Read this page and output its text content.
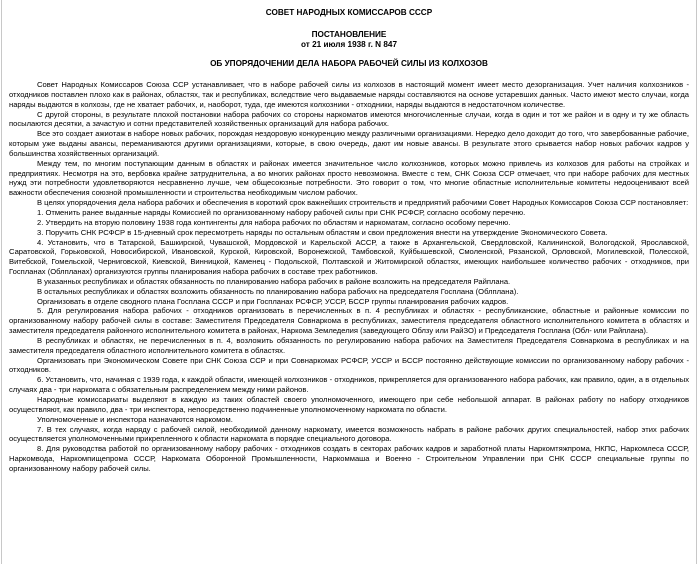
СОВЕТ НАРОДНЫХ КОМИССАРОВ СССР
ПОСТАНОВЛЕНИЕ
от 21 июля 1938 г. N 847
ОБ УПОРЯДОЧЕНИИ ДЕЛА НАБОРА РАБОЧЕЙ СИЛЫ ИЗ КОЛХОЗОВ

Совет Народных Комиссаров Союза ССР устанавливает, что в наборе рабочей силы из колхозов в настоящий момент имеет место дезорганизация. Учет наличия колхозников - отходников поставлен плохо как в районах, областях, так и республиках, вследствие чего выдаваемые наряды составляются на основе устаревших данных. Часто имеют место случаи, когда наряды выдаются в колхозы, где не хватает рабочих, и, наоборот, туда, где имеются колхозники - отходники, наряды выдаются в недостаточном количестве.

С другой стороны, в результате плохой постановки набора рабочих со стороны наркоматов имеются многочисленные случаи, когда в один и тот же район и в одну и ту же область посылаются десятки, а зачастую и сотни представителей хозяйственных организаций для набора рабочих.

Все это создает ажиотаж в наборе новых рабочих, порождая нездоровую конкуренцию между различными организациями. Нередко дело доходит до того, что завербованные рабочие, которым уже выданы авансы, переманиваются другими организациями, которые, в свою очередь, дают им новые авансы. В результате этого срывается набор новых рабочих кадров у большинства хозяйственных организаций.

Между тем, по многим поступающим данным в областях и районах имеется значительное число колхозников, которых можно привлечь из колхозов для работы на стройках и предприятиях. Несмотря на это, вербовка крайне затруднительна, а во многих районах просто невозможна. Вместе с тем, СНК Союза ССР отмечает, что при наборе рабочих для местных нужд эти потребности удовлетворяются несравненно лучше, чем общесоюзные потребности. Это говорит о том, что многие областные исполнительные комитеты недооценивают всей важности обеспечения союзной промышленности и строительства необходимым числом рабочих.

В целях упорядочения дела набора рабочих и обеспечения в короткий срок важнейших строительств и предприятий рабочими Совет Народных Комиссаров Союза ССР постановляет:

1. Отменить ранее выданные наряды Комиссией по организованному набору рабочей силы при СНК РСФСР, согласно особому перечню.

2. Утвердить на вторую половину 1938 года контингенты для набора рабочих по областям и наркоматам, согласно особому перечню.

3. Поручить СНК РСФСР в 15-дневный срок пересмотреть наряды по остальным областям и свои предложения внести на утверждение Экономического Совета.

4. Установить, что в Татарской, Башкирской, Чувашской, Мордовской и Карельской АССР, а также в Архангельской, Свердловской, Калининской, Вологодской, Ярославской, Саратовской, Горьковской, Новосибирской, Ивановской, Курской, Кировской, Воронежской, Тамбовской, Куйбышевской, Смоленской, Рязанской, Орловской, Могилевской, Полесской, Витебской, Гомельской, Черниговской, Киевской, Винницкой, Каменец - Подольской, Полтавской и Житомирской областях, имеющих наибольшее количество рабочих - отходников, при Госпланах (Облпланах) организуются группы планирования набора рабочих в составе трех работников.

В указанных республиках и областях обязанность по планированию набора рабочих в районе возложить на председателя Райплана.

В остальных республиках и областях возложить обязанность по планированию набора рабочих на председателя Госплана (Облплана).

Организовать в отделе сводного плана Госплана СССР и при Госпланах РСФСР, УССР, БССР группы планирования рабочих кадров.

5. Для регулирования набора рабочих - отходников организовать в перечисленных в п. 4 республиках и областях - республиканские, областные и районные комиссии по организованному набору рабочей силы в составе: Заместителя Председателя Совнаркома в республиках, заместителя председателя областного исполнительного комитета в областях и заместителя председателя районного исполнительного комитета в районах, Наркома Земледелия (заведующего Облзу или РайЗО) и Председателя Госплана (Обл- или Райплана).

В республиках и областях, не перечисленных в п. 4, возложить обязанность по регулированию набора рабочих на Заместителя Председателя Совнаркома в республиках и на заместителя председателя областного исполнительного комитета в областях.

Организовать при Экономическом Совете при СНК Союза ССР и при Совнаркомах РСФСР, УССР и БССР постоянно действующие комиссии по организованному набору рабочих - отходников.

6. Установить, что, начиная с 1939 года, к каждой области, имеющей колхозников - отходников, прикрепляется для организованного набора рабочих, как правило, один, а в отдельных случаях два - три наркомата с обязательным распределением между ними районов.

Народные комиссариаты выделяют в каждую из таких областей своего уполномоченного, имеющего при себе небольшой аппарат. В районах работу по набору отходников осуществляют, как правило, два - три инспектора, непосредственно подчиненные уполномоченному наркомата по области.

Уполномоченные и инспектора назначаются наркомом.

7. В тех случаях, когда наряду с рабочей силой, необходимой данному наркомату, имеется возможность набрать в районе рабочих других специальностей, набор этих рабочих осуществляется уполномоченными прикрепленного к области наркомата в порядке специального договора.

8. Для руководства работой по организованному набору рабочих - отходников создать в секторах рабочих кадров и заработной платы Наркомтяжпрома, НКПС, Наркомлеса СССР, Наркомвода, Наркомпищепрома СССР, Наркомата Оборонной Промышленности, Наркоммаша и Военно - Строительном Управлении при СНК СССР специальные группы по организованному набору рабочей силы.
